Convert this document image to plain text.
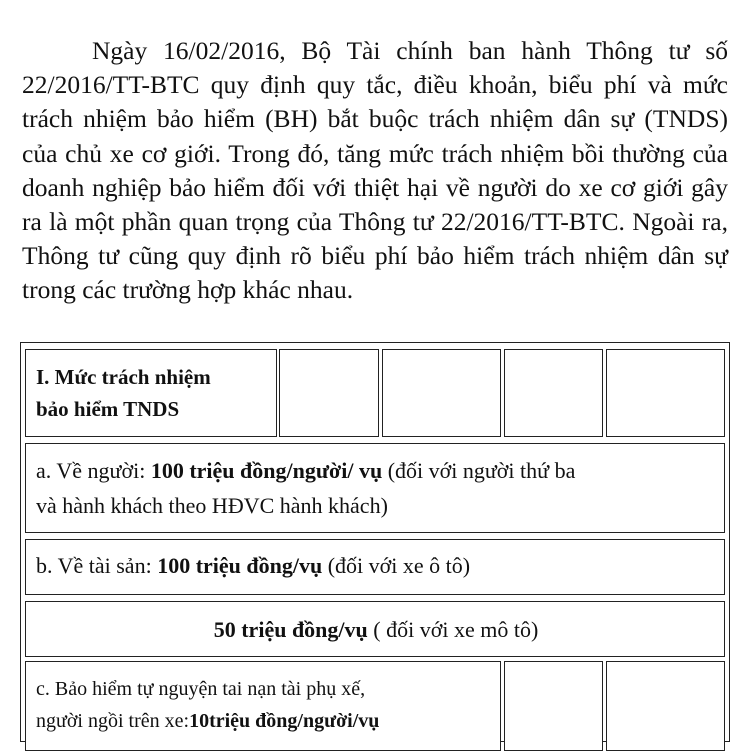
Ngày 16/02/2016, Bộ Tài chính ban hành Thông tư số 22/2016/TT-BTC quy định quy tắc, điều khoản, biểu phí và mức trách nhiệm bảo hiểm (BH) bắt buộc trách nhiệm dân sự (TNDS) của chủ xe cơ giới. Trong đó, tăng mức trách nhiệm bồi thường của doanh nghiệp bảo hiểm đối với thiệt hại về người do xe cơ giới gây ra là một phần quan trọng của Thông tư 22/2016/TT-BTC. Ngoài ra, Thông tư cũng quy định rõ biểu phí bảo hiểm trách nhiệm dân sự trong các trường hợp khác nhau.

I. Mức trách nhiệm
bảo hiểm TNDS
a. Về người: 100 triệu đồng/người/ vụ (đối với người thứ ba
và hành khách theo HĐVC hành khách)
b. Về tài sản: 100 triệu đồng/vụ (đối với xe ô tô)
50 triệu đồng/vụ ( đối với xe mô tô)
c. Bảo hiểm tự nguyện tai nạn tài phụ xế,
người ngồi trên xe:10triệu đồng/người/vụ
